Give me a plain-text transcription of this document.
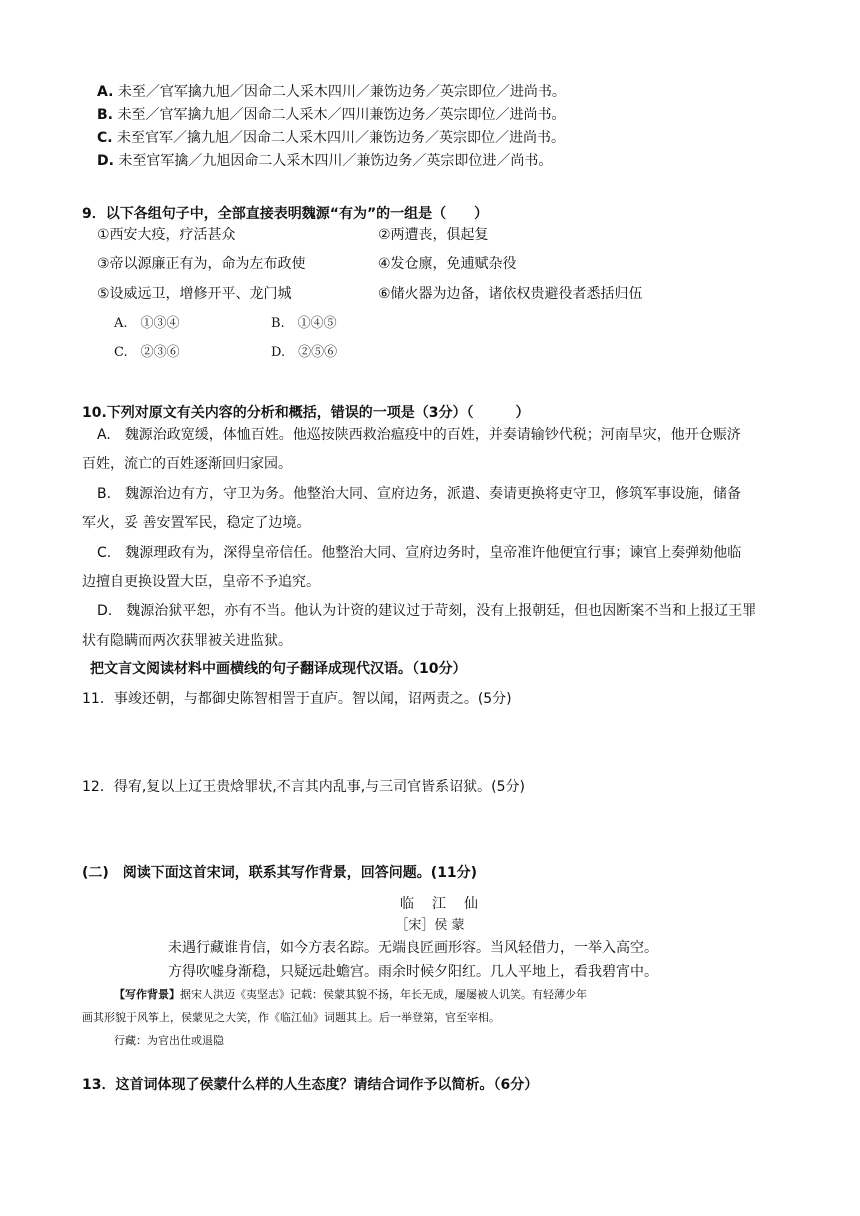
A. 未至／官军擒九旭／因命二人采木四川／兼饬边务／英宗即位／进尚书。
B. 未至／官军擒九旭／因命二人采木／四川兼饬边务／英宗即位／进尚书。
C. 未至官军／擒九旭／因命二人采木四川／兼饬边务／英宗即位／进尚书。
D. 未至官军擒／九旭因命二人采木四川／兼饬边务／英宗即位进／尚书。
9．以下各组句子中，全部直接表明魏源“有为”的一组是（　　）
①西安大疫，疗活甚众	②两遭丧，俱起复
③帝以源廉正有为，命为左布政使	④发仓廪，免逋赋杂役
⑤设威远卫，增修开平、龙门城	⑥储火器为边备，诸依权贵避役者悉括归伍
A.　①③④	B.　①④⑤
C.　②③⑥	D.　②⑤⑥
10.下列对原文有关内容的分析和概括，错误的一项是（3分）（　　　）
A.　魏源治政宽缓，体恤百姓。他巡按陕西救治瘟疫中的百姓，并奏请输钞代税；河南旱灾，他开仓赈济
百姓，流亡的百姓逐渐回归家园。
B.　魏源治边有方，守卫为务。他整治大同、宣府边务，派遣、奏请更换将吏守卫，修筑军事设施，储备
军火，妥 善安置军民，稳定了边境。
C.　魏源理政有为，深得皇帝信任。他整治大同、宣府边务时，皇帝准许他便宜行事；谏官上奏弹劾他临
边擅自更换设置大臣，皇帝不予追究。
D.　魏源治狱平恕，亦有不当。他认为计资的建议过于苛刻，没有上报朝廷，但也因断案不当和上报辽王罪
状有隐瞒而两次获罪被关进监狱。
把文言文阅读材料中画横线的句子翻译成现代汉语。（10分）
11．事竣还朝，与都御史陈智相詈于直庐。智以闻，诏两责之。(5分)
12．得宥,复以上辽王贵焓罪状,不言其内乱事,与三司官皆系诏狱。(5分)
(二)　阅读下面这首宋词，联系其写作背景，回答问题。(11分)
临江仙
［宋］侯 蒙
未遇行藏谁肯信，如今方表名踪。无端良匠画形容。当风轻借力，一举入高空。
方得吹嘘身渐稳，只疑远赴蟾宫。雨余时候夕阳红。几人平地上，看我碧宵中。
【写作背景】据宋人洪迈《夷坚志》记载：侯蒙其貌不扬，年长无成，屡屡被人讥笑。有轻薄少年
画其形貌于风筝上，侯蒙见之大笑，作《临江仙》词题其上。后一举登第，官至宰相。
行藏：为官出仕或退隐
13．这首词体现了侯蒙什么样的人生态度？请结合词作予以简析。（6分）
